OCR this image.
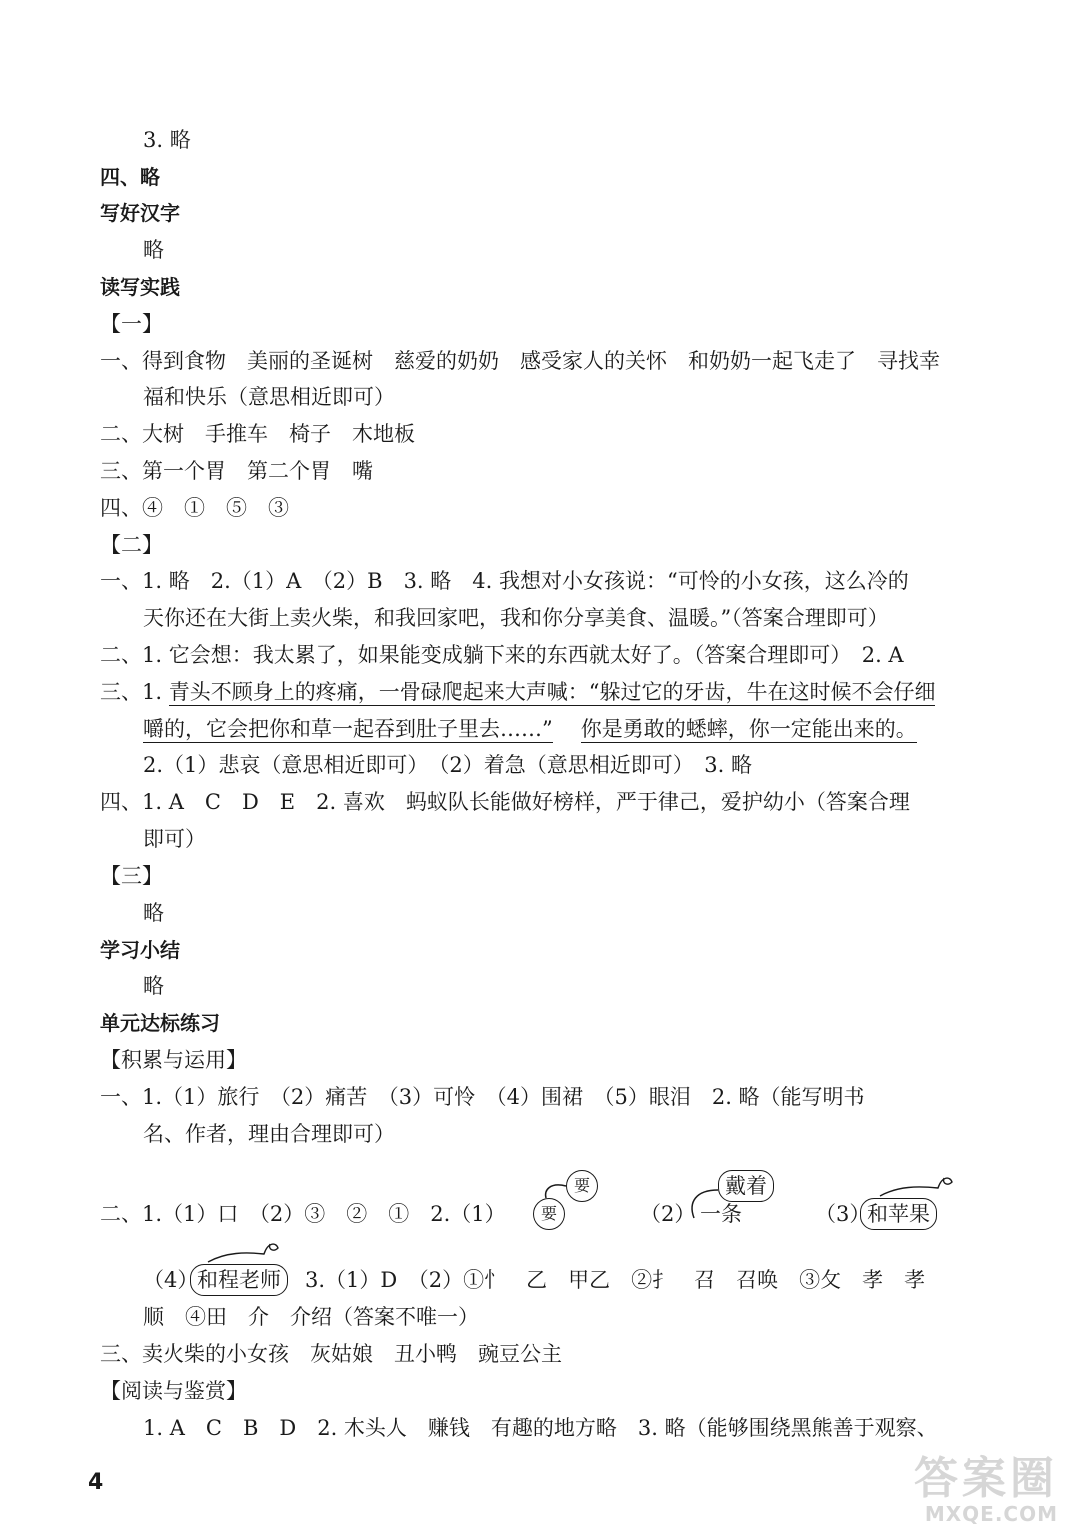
3. 略
四、略
写好汉字
略
读写实践
【一】
一、得到食物　美丽的圣诞树　慈爱的奶奶　感受家人的关怀　和奶奶一起飞走了　寻找幸
福和快乐（意思相近即可）
二、大树　手推车　椅子　木地板
三、第一个胃　第二个胃　嘴
四、④　①　⑤　③
【二】
一、1. 略　2.（1）A　（2）B　3. 略　4. 我想对小女孩说：“可怜的小女孩，这么冷的
天你还在大街上卖火柴，和我回家吧，我和你分享美食、温暖。”（答案合理即可）
二、1. 它会想：我太累了，如果能变成躺下来的东西就太好了。（答案合理即可）　2. A
三、1. 青头不顾身上的疼痛，一骨碌爬起来大声喊：“躲过它的牙齿，牛在这时候不会仔细
嚼的，它会把你和草一起吞到肚子里去……” 你是勇敢的蟋蟀，你一定能出来的。
2.（1）悲哀（意思相近即可）　（2）着急（意思相近即可）　3. 略
四、1. A　C　D　E　2. 喜欢　蚂蚁队长能做好榜样，严于律己，爱护幼小（答案合理
即可）
【三】
略
学习小结
略
单元达标练习
【积累与运用】
一、1.（1）旅行　（2）痛苦　（3）可怜　（4）围裙　（5）眼泪　2. 略（能写明书
名、作者，理由合理即可）
二、1.（1）口　（2）③　②　①　2.（1）	要
要
（2） 一条
戴着
（3）
和苹果
（4）
和程老师	3.（1）D　（2）①忄　乙　甲乙　②扌　召　召唤　③攵　孝　孝
顺　④田　介　介绍（答案不唯一）
三、卖火柴的小女孩　灰姑娘　丑小鸭　豌豆公主
【阅读与鉴赏】
1. A　C　B　D　2. 木头人　赚钱　有趣的地方略　3. 略（能够围绕黑熊善于观察、
4	答案圈
MXQE.COM
